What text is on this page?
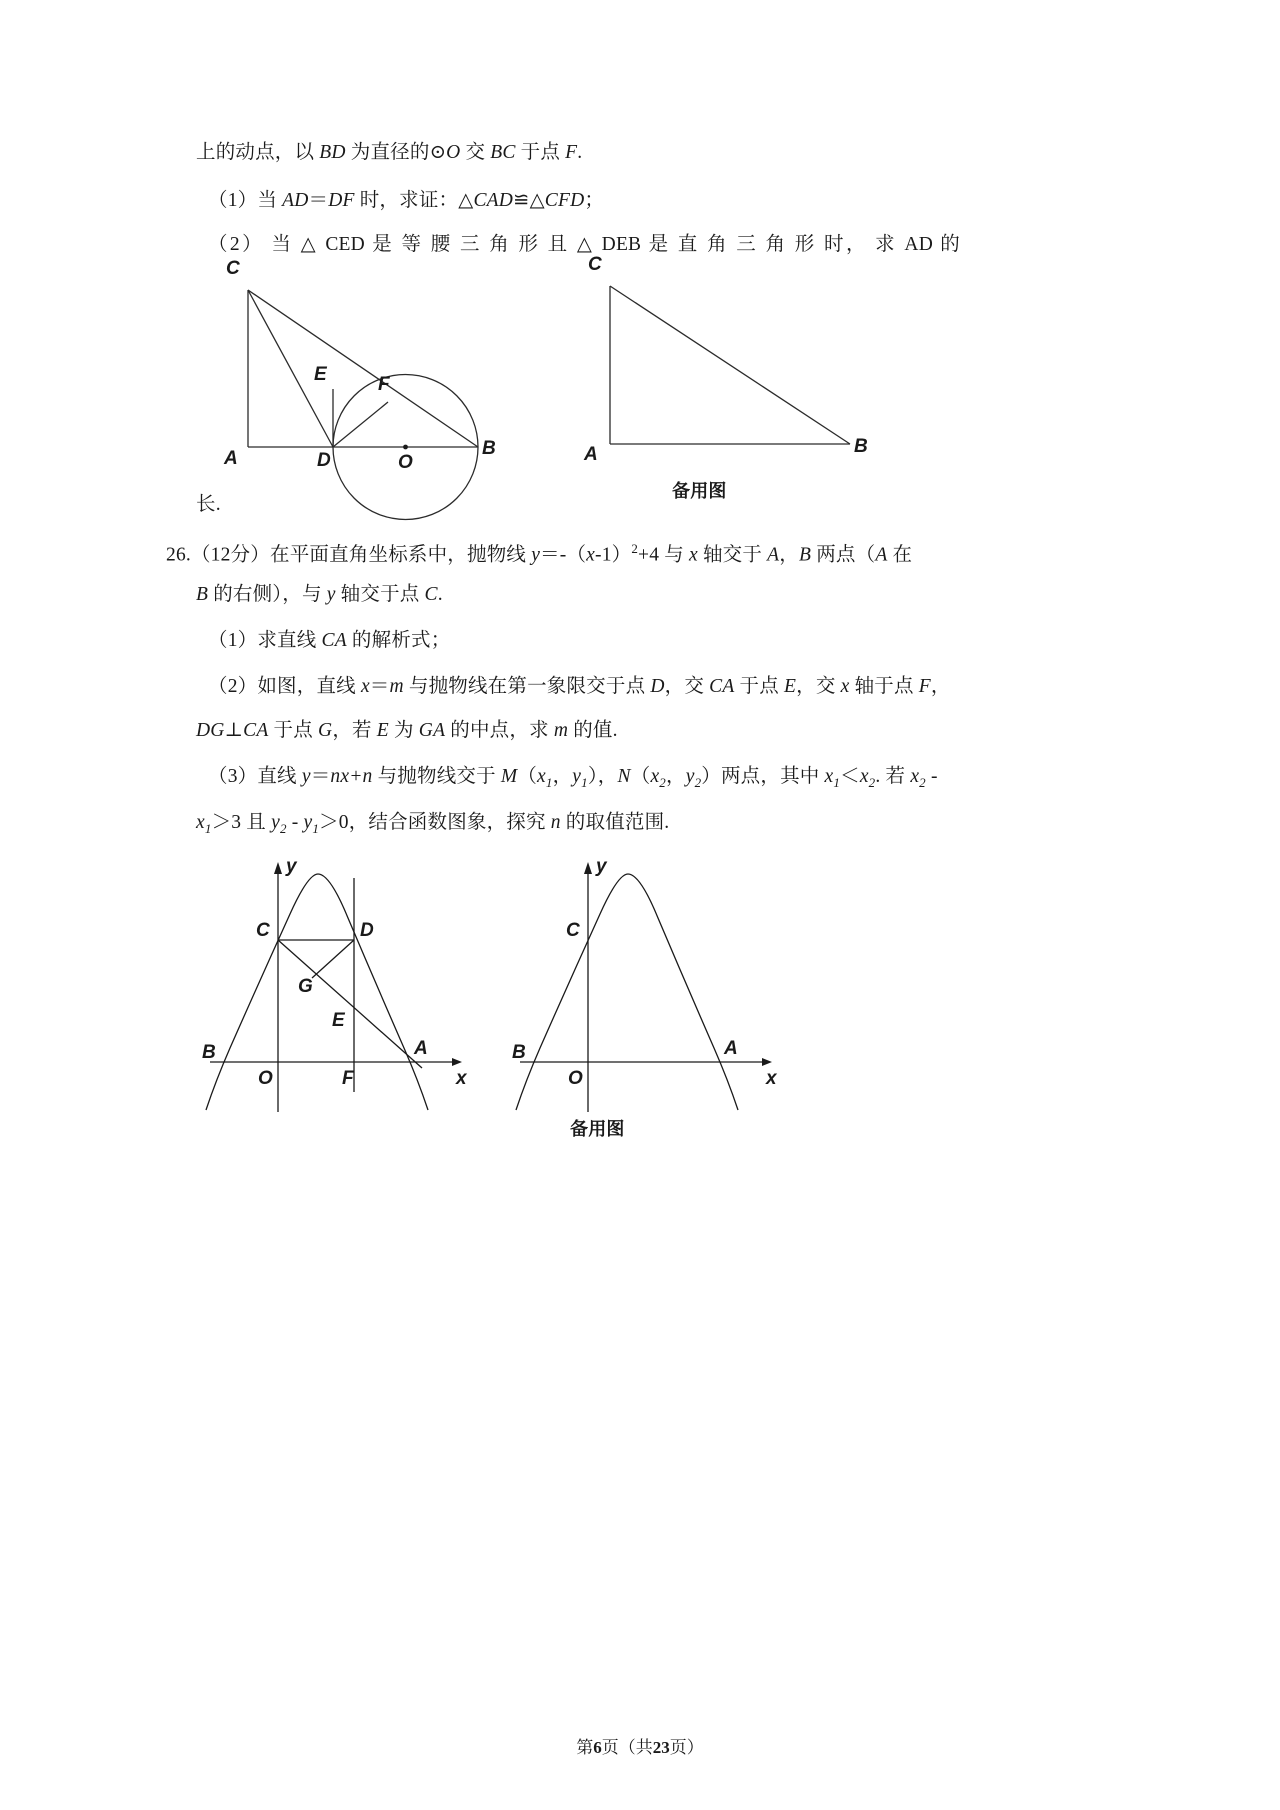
上的动点，以 BD 为直径的⊙O 交 BC 于点 F.
（1）当 AD＝DF 时，求证：△CAD≌△CFD；
（2） 当 △ CED 是 等 腰 三 角 形 且 △ DEB 是 直 角 三 角 形 时， 求 AD 的
长.
C
E	F
A	D	O
B
C
A	B
备用图
26.（12分）在平面直角坐标系中，抛物线 $y=-(x-1)^2+4$ 与 x 轴交于 A，B 两点（A 在
B 的右侧），与 y 轴交于点 C.
（1）求直线 CA 的解析式；
（2）如图，直线 x＝m 与抛物线在第一象限交于点 D，交 CA 于点 E，交 x 轴于点 F，
DG⊥CA 于点 G，若 E 为 GA 的中点，求 m 的值.
（3）直线 y＝nx+n 与抛物线交于 $M(x_1$，$y_1$），$N(x_2$，$y_2$）两点，其中 $x_1<x_2$. 若 $x_2$ -
$x_1>3$ 且 $y_2 - y_1>0$，结合函数图象，探究 n 的取值范围.
y
C	D
G
E
B
O	F
A
x
y
C
B
O
A
x
备用图
第6页（共23页）
